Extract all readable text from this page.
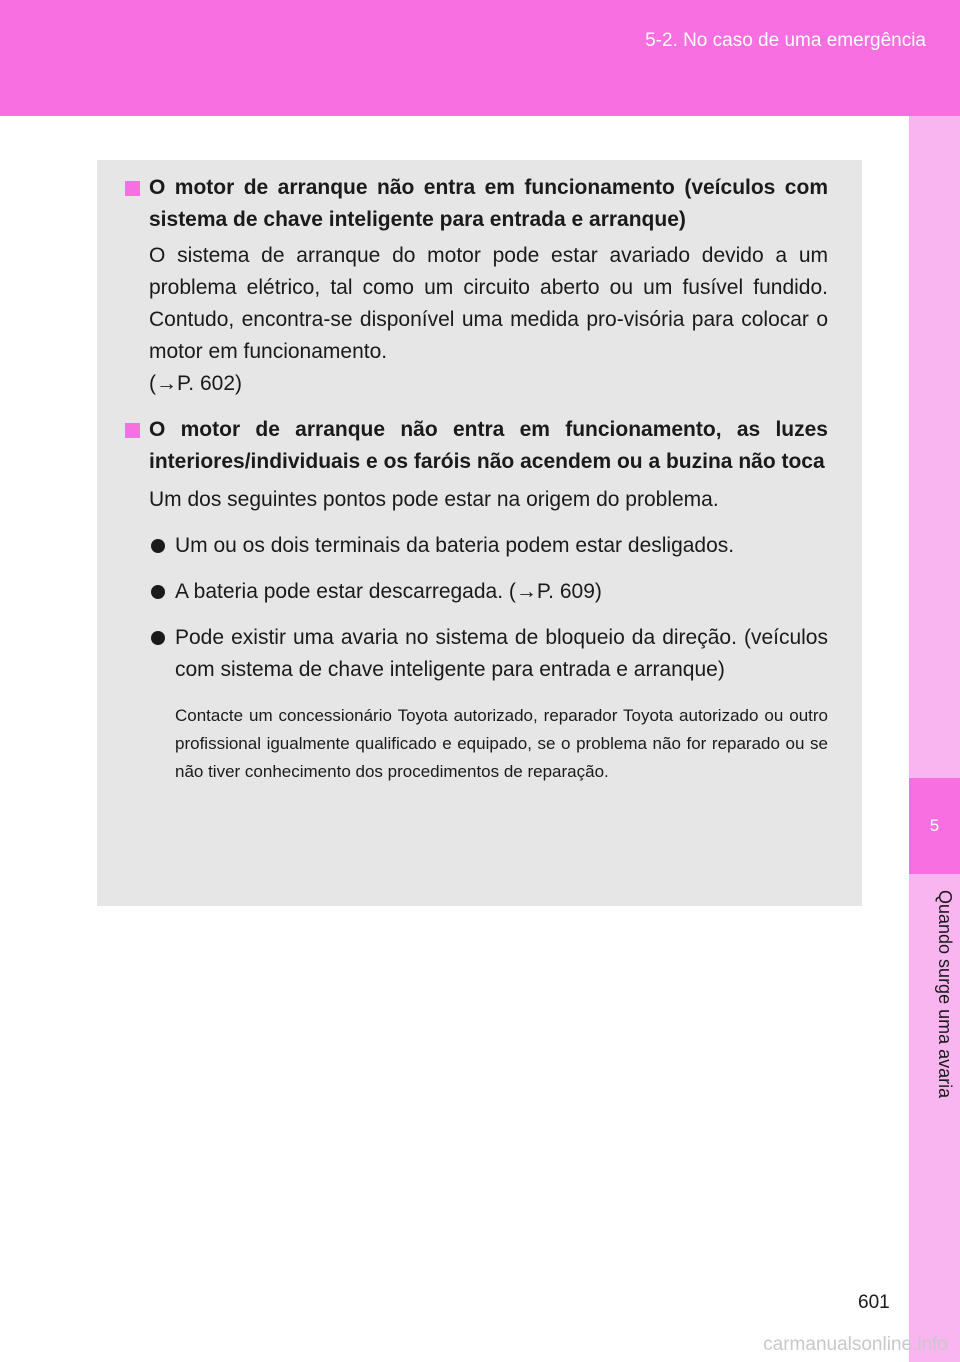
5-2. No caso de uma emergência
5
Quando surge uma avaria
O motor de arranque não entra em funcionamento (veículos com sistema de chave inteligente para entrada e arranque)
O sistema de arranque do motor pode estar avariado devido a um problema elétrico, tal como um circuito aberto ou um fusível fundido. Contudo, encontra-se disponível uma medida pro-visória para colocar o motor em funcionamento.
(→P. 602)
O motor de arranque não entra em funcionamento, as luzes interiores/individuais e os faróis não acendem ou a buzina não toca
Um dos seguintes pontos pode estar na origem do problema.
Um ou os dois terminais da bateria podem estar desligados.
A bateria pode estar descarregada. (→P. 609)
Pode existir uma avaria no sistema de bloqueio da direção. (veículos com sistema de chave inteligente para entrada e arranque)
Contacte um concessionário Toyota autorizado, reparador Toyota autorizado ou outro profissional igualmente qualificado e equipado, se o problema não for reparado ou se não tiver conhecimento dos procedimentos de reparação.
601
carmanualsonline.info
